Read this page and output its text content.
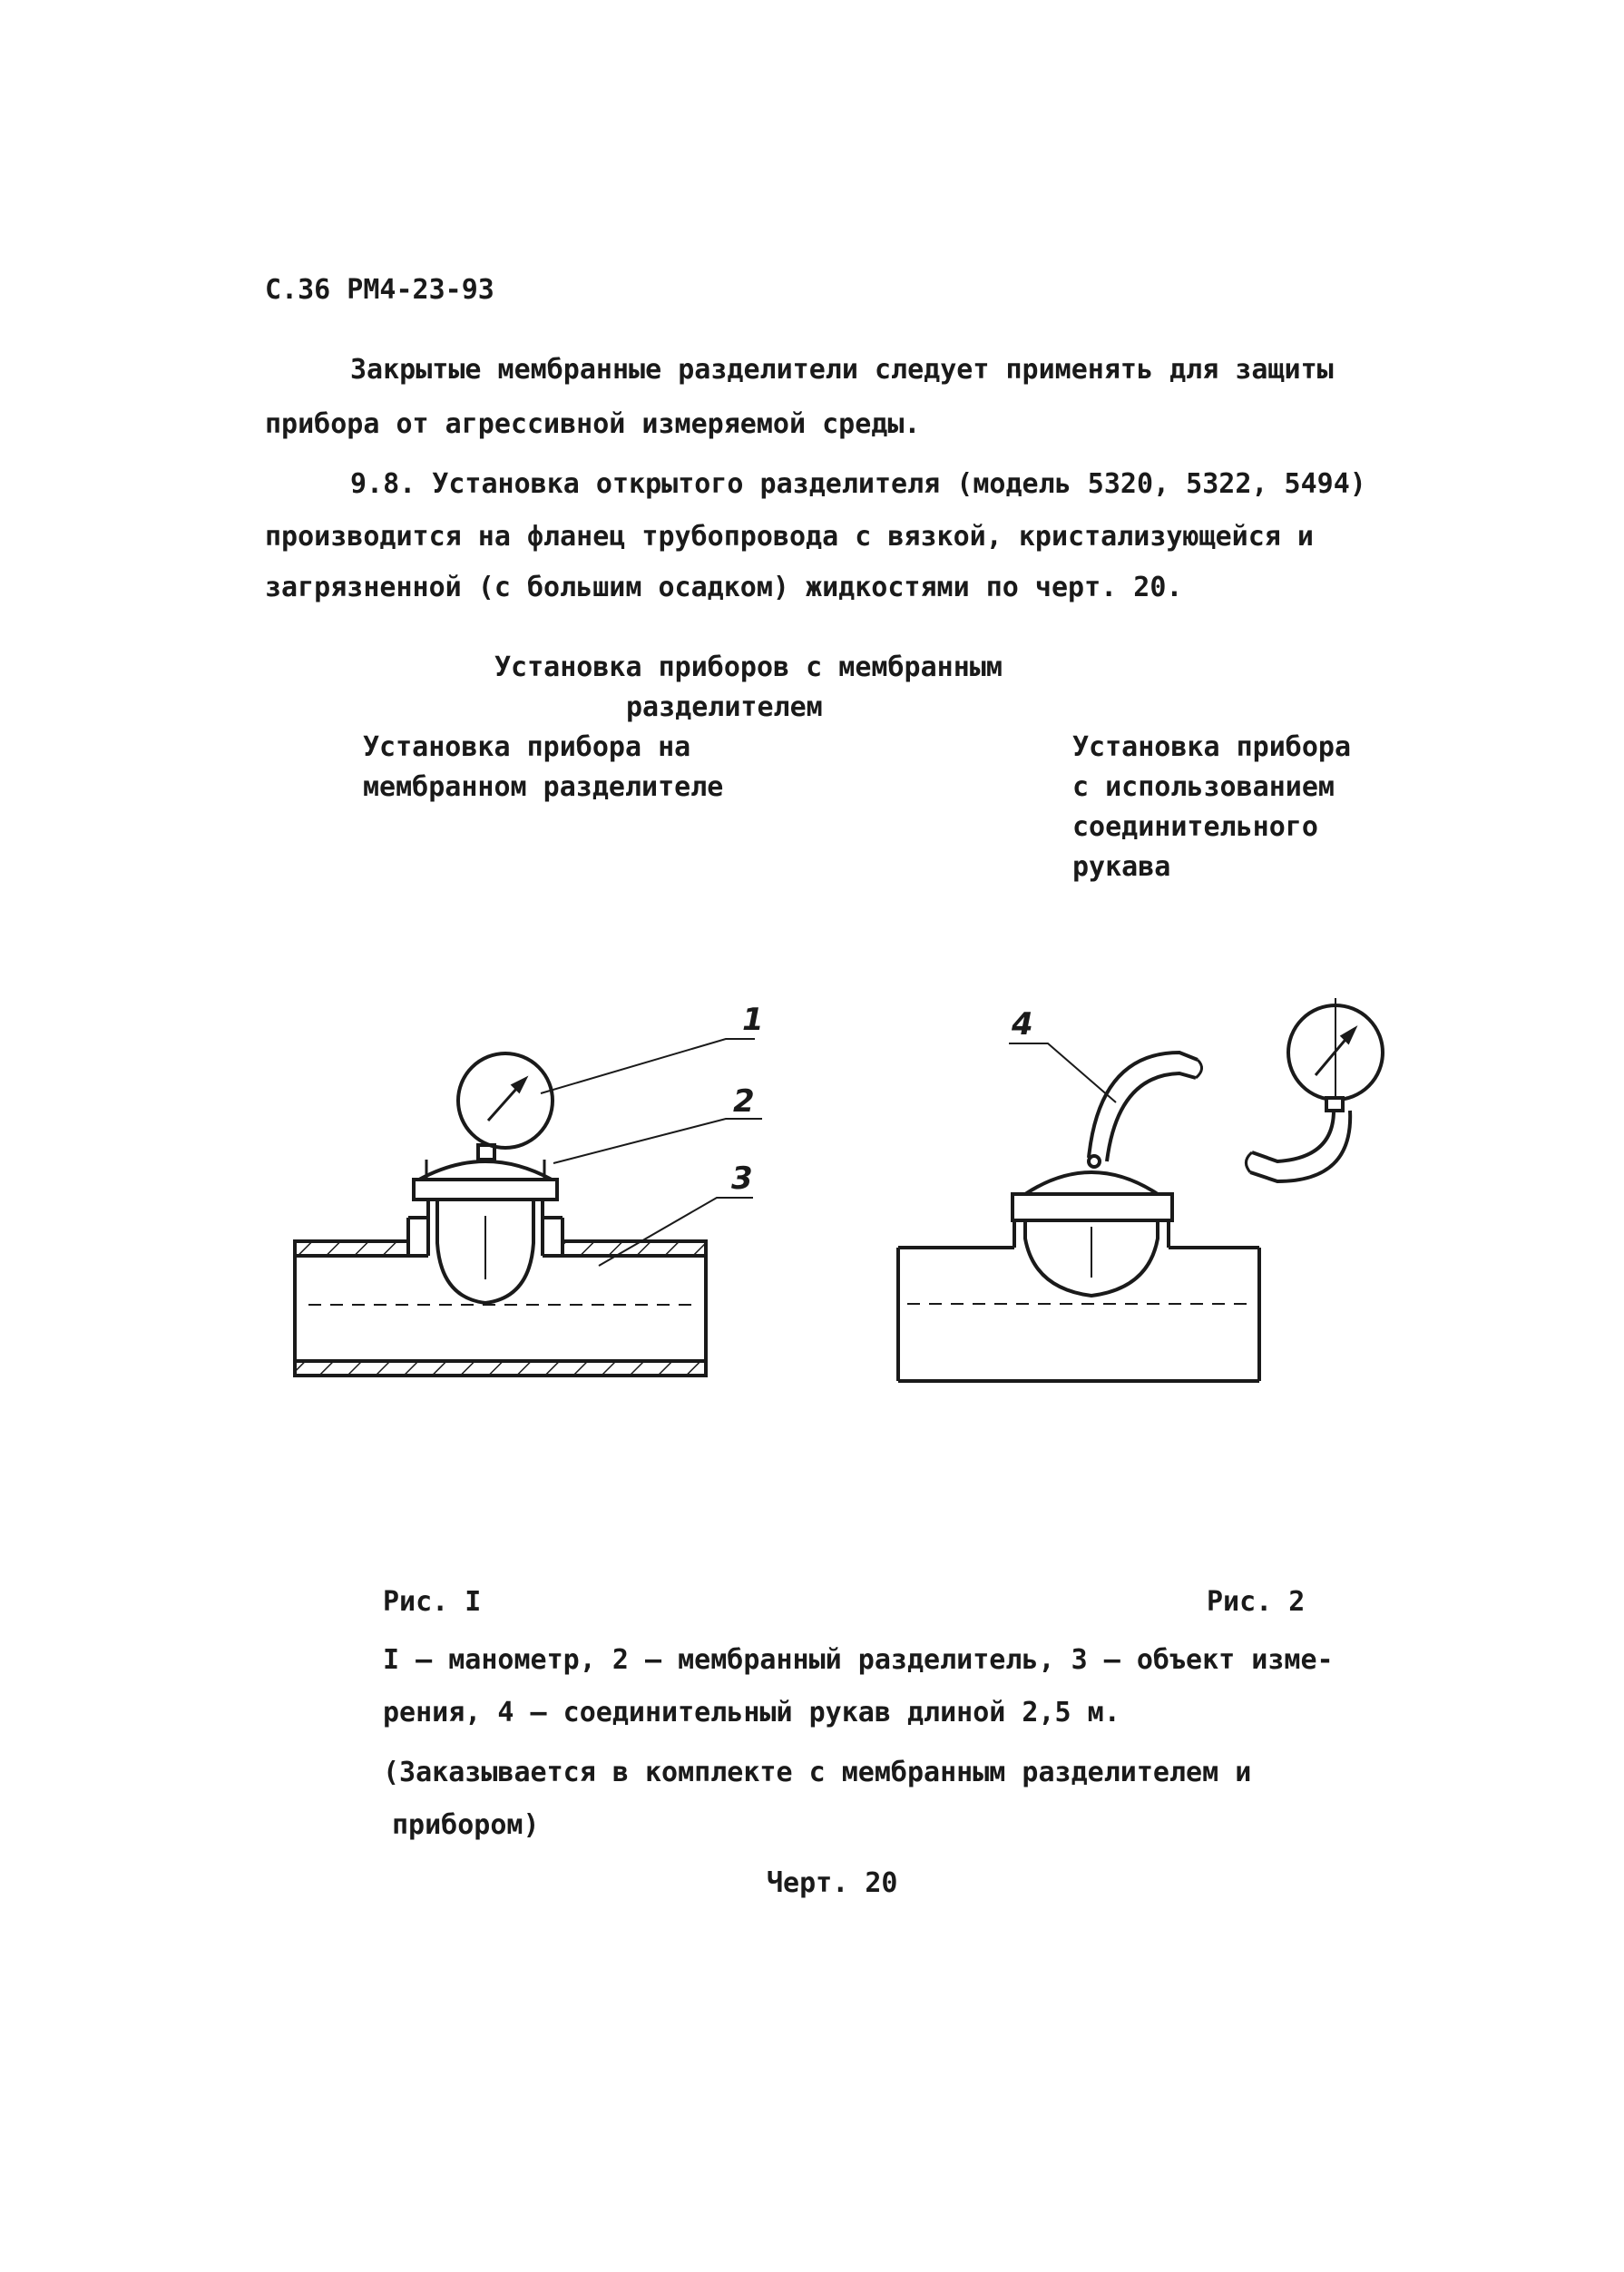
С.36 РМ4-23-93
Закрытые мембранные разделители следует применять для защиты
прибора от агрессивной измеряемой среды.
9.8. Установка открытого разделителя (модель 5320, 5322, 5494)
производится на фланец трубопровода с вязкой, кристализующейся и
загрязненной (с большим осадком) жидкостями по черт. 20.
Установка приборов с мембранным
разделителем
Установка прибора на
мембранном разделителе
Установка прибора
с использованием
соединительного
рукава
1
2
3
4
Рис. I	Рис. 2
I – манометр, 2 – мембранный разделитель, 3 – объект изме-
рения, 4 – соединительный рукав длиной 2,5 м.
(Заказывается в комплекте с мембранным разделителем и
прибором)
Черт. 20
